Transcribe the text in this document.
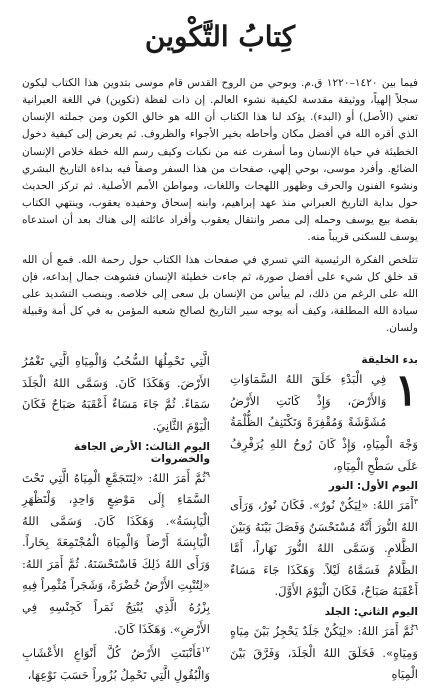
كِتابُ التَّكْوين

فيما بين ١٤٢٠–١٢٢٠ ق.م. وبوحي من الروح القدس قام موسى بتدوين هذا الكتاب ليكون سجلاً إلهياً، ووثيقة مقدسة لكيفية نشوء العالم. إن ذات لفظة (تكوين) في اللغة العبرانية تعني (الأصل) أو (البدء). يؤكد لنا هذا الكتاب أن الله هو خالق الكون ومن جملته الإنسان الذي أقره الله في أفضل مكان وأحاطه بخير الأجواء والظروف. ثم يعرض إلى كيفية دخول الخطيئة في حياة الإنسان وما أسفرت عنه من نكبات وكيف رسم الله خطة خلاص الإنسان الضائع. وأفرد موسى، بوحي إلهي، صفحات من هذا السفر وصفاً فيه بداءة التاريخ البشري ونشوء الفنون والحرف وظهور اللهجات واللغات، ومواطن الأمم الأصلية. ثم تركز الحديث حول بداية التاريخ العبراني منذ عهد إبراهيم، وابنه إسحاق وحفيده يعقوب، وينتهي الكتاب بقصة بيع يوسف وحمله إلى مصر وانتقال يعقوب وأفراد عائلته إلى هناك بعد أن استدعاه يوسف للسكنى قريباً منه.

تتلخص الفكرة الرئيسية التي تسري في صفحات هذا الكتاب حول رحمة الله. فمع أن الله قد خلق كل شيء على أفضل صورة، ثم جاءت خطيئة الإنسان فشوهت جمال إبداعه، فإن الله على الرغم من ذلك، لم ييأس من الإنسان بل سعى إلى خلاصه. وينصب التشديد على سيادة الله المطلقة، وكيف أنه يوجه سير التاريخ لصالح شعبه المؤمن به في كل أمة وقبيلة ولسان.

بدء الخليقة

١
فِي الْبَدْءِ خَلَقَ اللهُ السَّمَاوَاتِ وَالأَرْضَ، وَإِذْ كَانَتِ الأَرْضُ مُشَوَّشَةً وَمُقْفِرَةً وَتَكْتَنِفُ الظُّلْمَةُ وَجْهَ الْمِيَاهِ، وَإِذْ كَانَ رُوحُ اللهِ يُرَفْرِفُ عَلَى سَطْحِ الْمِيَاهِ،

اليوم الأول: النور

$^٣$أَمَرَ اللهُ: «لِيَكُنْ نُورٌ». فَكَانَ نُورٌ، وَرَأَى اللهُ النُّورَ أَنَّهُ مُسْتَحْسَنٌ وَفَصَلَ بَيْنَهُ وَبَيْنَ الظَّلامِ. وَسَمَّى اللهُ النُّورَ نَهَاراً، أَمَّا الظَّلامُ فَسَمَّاهُ لَيْلاً. وَهَكَذَا جَاءَ مَسَاءٌ أَعْقَبَهُ صَبَاحٌ، فَكَانَ الْيَوْمَ الأَوَّلَ.

اليوم الثاني: الجلد

$^٦$ثُمَّ أَمَرَ اللهُ: «لِيَكُنْ جَلَدٌ يَحْجِزُ بَيْنَ مِيَاهٍ وَمِيَاهٍ». فَخَلَقَ اللهُ الْجَلَدَ، وَفَرَّقَ بَيْنَ الْمِيَاهِ

الَّتِي تَحْمِلُهَا السُّحُبُ وَالْمِيَاهِ الَّتِي تَغْمُرُ الأَرْضَ. وَهَكَذَا كَانَ. وَسَمَّى اللهُ الْجَلَدَ سَمَاءً. ثُمَّ جَاءَ مَسَاءٌ أَعْقَبَهُ صَبَاحٌ فَكَانَ الْيَوْمَ الثَّانِيَ.

اليوم الثالث: الأرض الجافة والخضروات

$^٩$ثُمَّ أَمَرَ اللهُ: «لِتَتَجَمَّعِ الْمِيَاهُ الَّتِي تَحْتَ السَّمَاءِ إِلَى مَوْضِعٍ وَاحِدٍ، وَلْتَظْهَرِ الْيَابِسَةُ». وَهَكَذَا كَانَ. وَسَمَّى اللهُ الْيَابِسَةَ أَرْضاً وَالْمِيَاهَ الْمُجْتَمِعَةَ بِحَاراً. وَرَأَى اللهُ ذَلِكَ فَاسْتَحْسَنَهُ. ثُمَّ أَمَرَ اللهُ: «لِتُنْبِتِ الأَرْضُ خُضْرَةً، وَشَجَراً مُثْمِراً فِيهِ بِزْرُهُ الَّذِي يُنْتِجُ ثَمَراً كَجِنْسِهِ فِي الأَرْضِ». وَهَكَذَا كَانَ.

$^{١٢}$فَأَنْبَتَتِ الأَرْضُ كُلَّ أَنْوَاعِ الأَعْشَابِ وَالْبُقُولِ الَّتِي تَحْمِلُ بُزُوراً حَسَبَ نَوْعِهَا،
